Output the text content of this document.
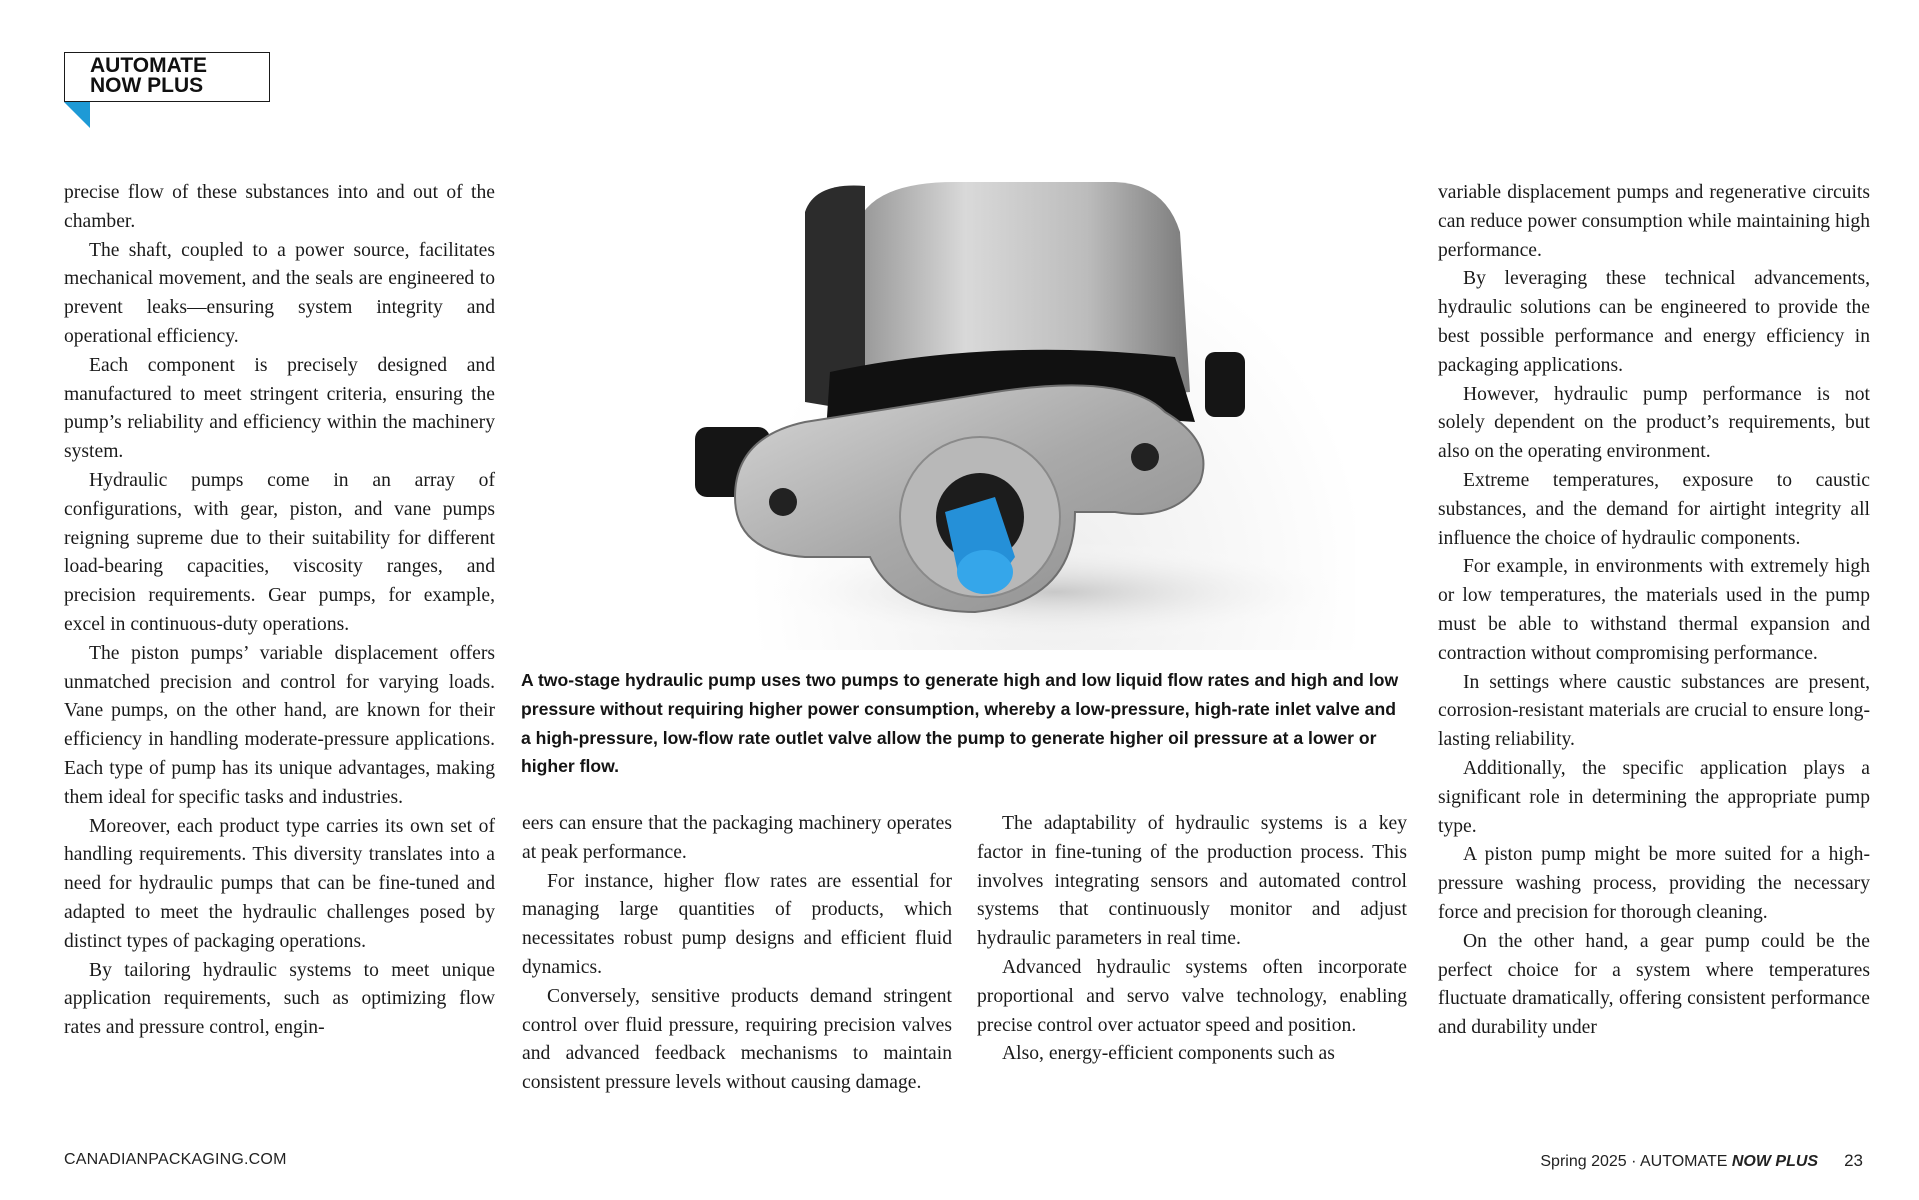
AUTOMATE
NOW PLUS

precise flow of these substances into and out of the chamber.

The shaft, coupled to a power source, facilitates mechanical movement, and the seals are engineered to prevent leaks—ensuring system integrity and operational efficiency.

Each component is precisely designed and manufactured to meet stringent criteria, ensuring the pump’s reliability and efficiency within the machinery system.

Hydraulic pumps come in an array of configurations, with gear, piston, and vane pumps reigning supreme due to their suitability for different load-bearing capacities, viscosity ranges, and precision requirements. Gear pumps, for example, excel in continuous-duty operations.

The piston pumps’ variable displacement offers unmatched precision and control for varying loads. Vane pumps, on the other hand, are known for their efficiency in handling moderate-pressure applications. Each type of pump has its unique advantages, making them ideal for specific tasks and industries.

Moreover, each product type carries its own set of handling requirements. This diversity translates into a need for hydraulic pumps that can be fine-tuned and adapted to meet the hydraulic challenges posed by distinct types of packaging operations.

By tailoring hydraulic systems to meet unique application requirements, such as optimizing flow rates and pressure control, engin-

A two-stage hydraulic pump uses two pumps to generate high and low liquid flow rates and high and low pressure without requiring higher power consumption, whereby a low-pressure, high-rate inlet valve and a high-pressure, low-flow rate outlet valve allow the pump to generate higher oil pressure at a lower or higher flow.

eers can ensure that the packaging machinery operates at peak performance.

For instance, higher flow rates are essential for managing large quantities of products, which necessitates robust pump designs and efficient fluid dynamics.

Conversely, sensitive products demand stringent control over fluid pressure, requiring precision valves and advanced feedback mechanisms to maintain consistent pressure levels without causing damage.

The adaptability of hydraulic systems is a key factor in fine-tuning of the production process. This involves integrating sensors and automated control systems that continuously monitor and adjust hydraulic parameters in real time.

Advanced hydraulic systems often incorporate proportional and servo valve technology, enabling precise control over actuator speed and position.

Also, energy-efficient components such as

variable displacement pumps and regenerative circuits can reduce power consumption while maintaining high performance.

By leveraging these technical advancements, hydraulic solutions can be engineered to provide the best possible performance and energy efficiency in packaging applications.

However, hydraulic pump performance is not solely dependent on the product’s requirements, but also on the operating environment.

Extreme temperatures, exposure to caustic substances, and the demand for airtight integrity all influence the choice of hydraulic components.

For example, in environments with extremely high or low temperatures, the materials used in the pump must be able to withstand thermal expansion and contraction without compromising performance.

In settings where caustic substances are present, corrosion-resistant materials are crucial to ensure long-lasting reliability.

Additionally, the specific application plays a significant role in determining the appropriate pump type.

A piston pump might be more suited for a high-pressure washing process, providing the necessary force and precision for thorough cleaning.

On the other hand, a gear pump could be the perfect choice for a system where temperatures fluctuate dramatically, offering consistent performance and durability under

CANADIANPACKAGING.COM	Spring 2025 · AUTOMATE NOW PLUS 23
